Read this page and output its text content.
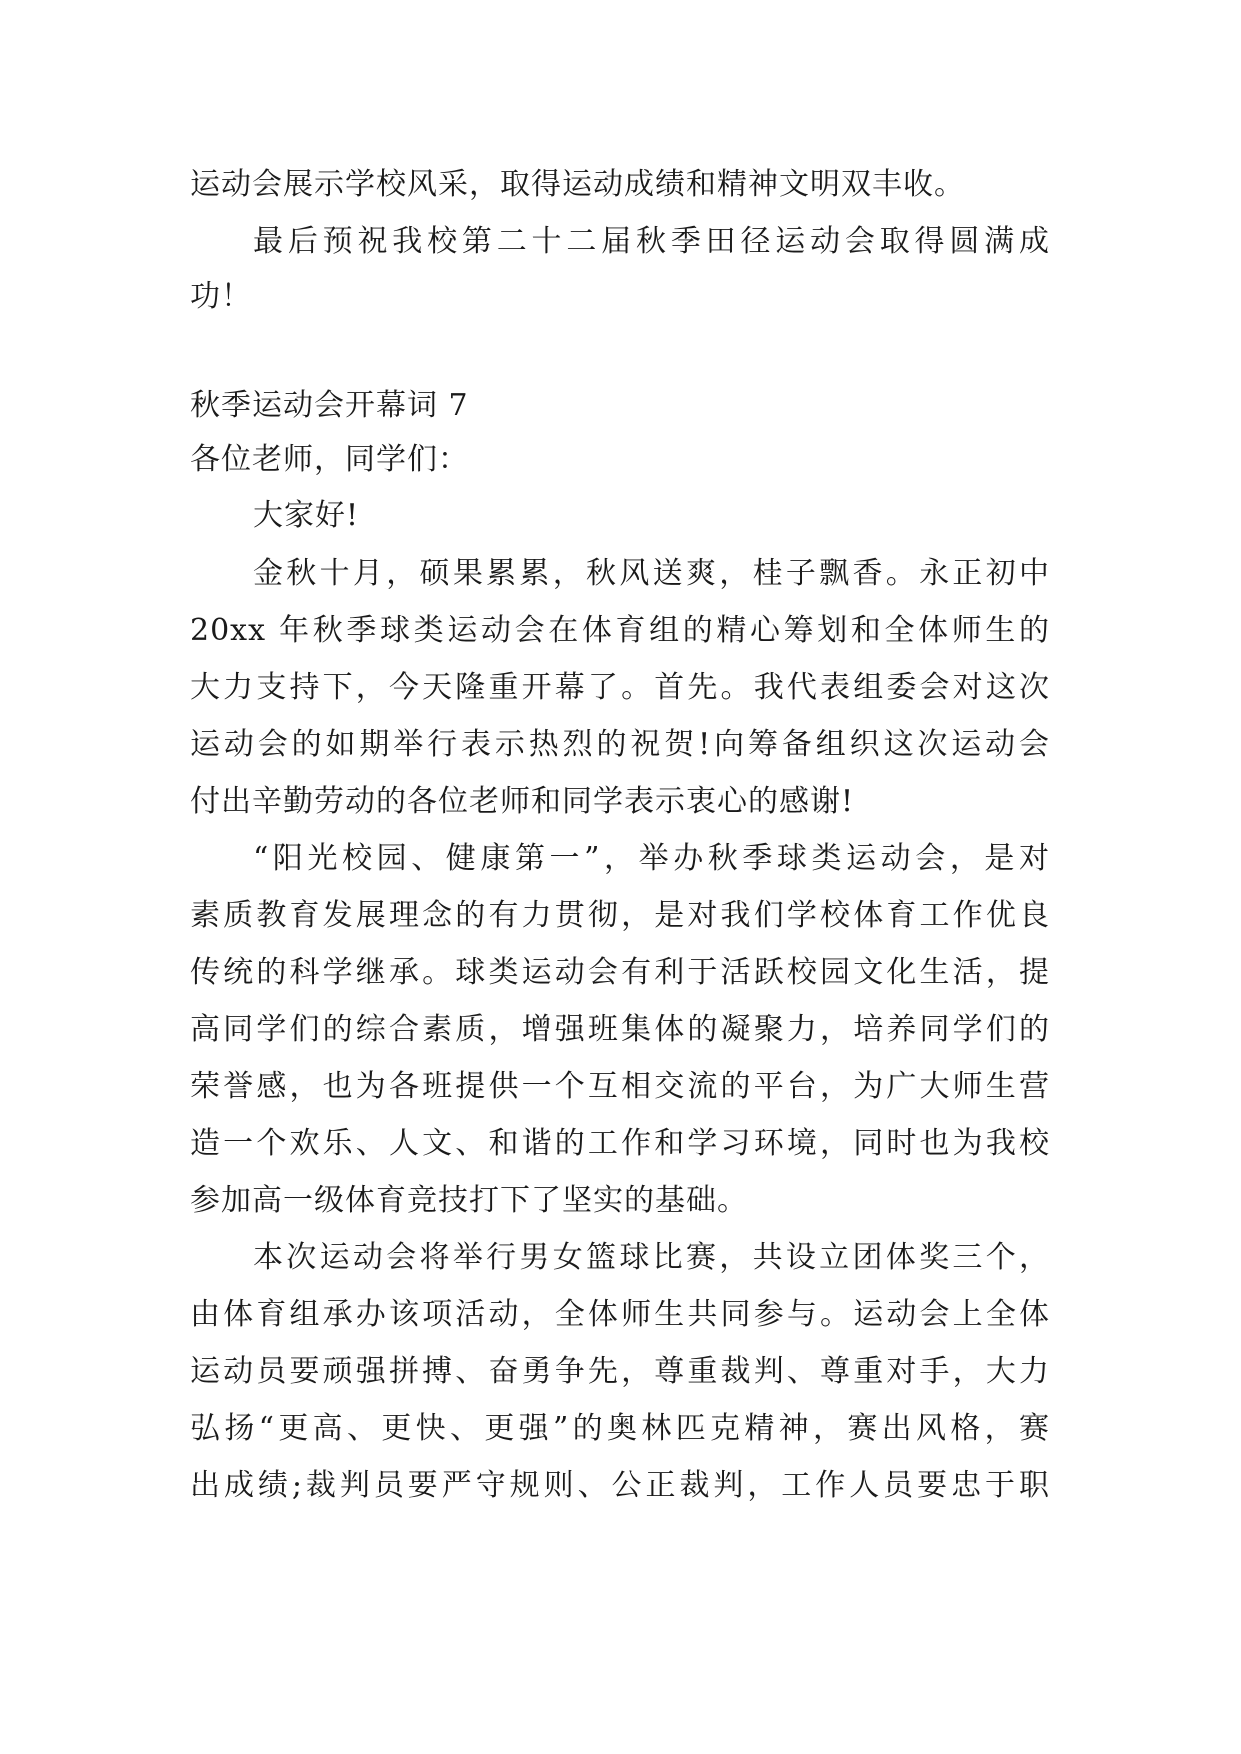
运动会展示学校风采，取得运动成绩和精神文明双丰收。
最后预祝我校第二十二届秋季田径运动会取得圆满成
功！
秋季运动会开幕词 7
各位老师，同学们：
大家好!
金秋十月，硕果累累，秋风送爽，桂子飘香。永正初中
20xx 年秋季球类运动会在体育组的精心筹划和全体师生的
大力支持下，今天隆重开幕了。首先。我代表组委会对这次
运动会的如期举行表示热烈的祝贺!向筹备组织这次运动会
付出辛勤劳动的各位老师和同学表示衷心的感谢!
“阳光校园、健康第一”，举办秋季球类运动会，是对
素质教育发展理念的有力贯彻，是对我们学校体育工作优良
传统的科学继承。球类运动会有利于活跃校园文化生活，提
高同学们的综合素质，增强班集体的凝聚力，培养同学们的
荣誉感，也为各班提供一个互相交流的平台，为广大师生营
造一个欢乐、人文、和谐的工作和学习环境，同时也为我校
参加高一级体育竞技打下了坚实的基础。
本次运动会将举行男女篮球比赛，共设立团体奖三个，
由体育组承办该项活动，全体师生共同参与。运动会上全体
运动员要顽强拼搏、奋勇争先，尊重裁判、尊重对手，大力
弘扬“更高、更快、更强”的奥林匹克精神，赛出风格，赛
出成绩;裁判员要严守规则、公正裁判，工作人员要忠于职
